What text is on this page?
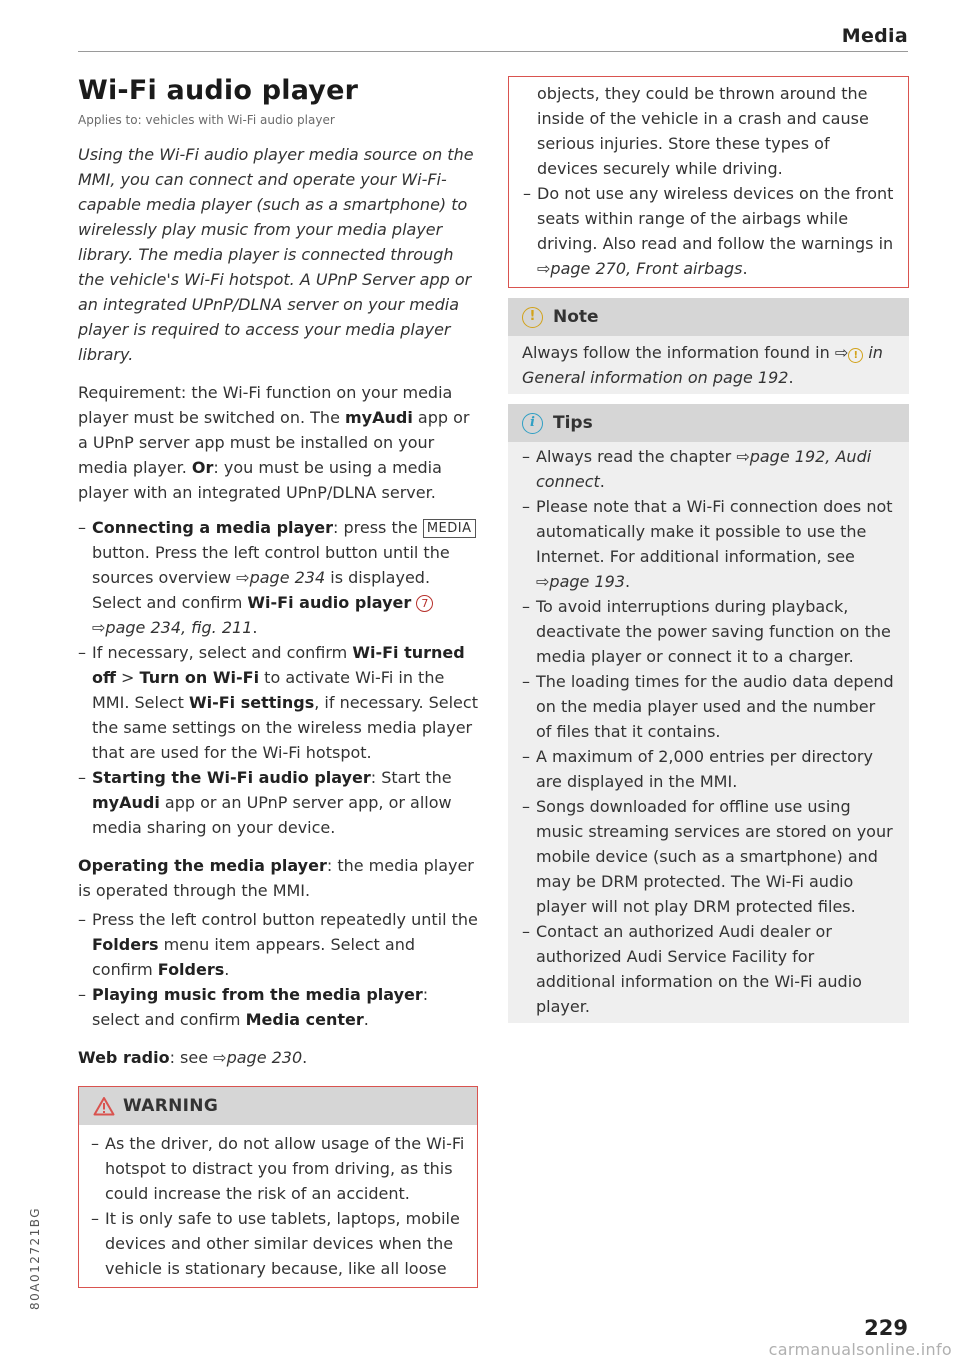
Media
Wi-Fi audio player
Applies to: vehicles with Wi-Fi audio player
Using the Wi-Fi audio player media source on the MMI, you can connect and operate your Wi-Fi-capable media player (such as a smartphone) to wirelessly play music from your media player library. The media player is connected through the vehicle's Wi-Fi hotspot. A UPnP Server app or an integrated UPnP/DLNA server on your media player is required to access your media player library.

Requirement: the Wi-Fi function on your media player must be switched on. The myAudi app or a UPnP server app must be installed on your media player. Or: you must be using a media player with an integrated UPnP/DLNA server.

– Connecting a media player: press the MEDIA button. Press the left control button until the sources overview ⇨page 234 is displayed. Select and confirm Wi-Fi audio player 7 ⇨page 234, fig. 211.
– If necessary, select and confirm Wi-Fi turned off > Turn on Wi-Fi to activate Wi-Fi in the MMI. Select Wi-Fi settings, if necessary. Select the same settings on the wireless media player that are used for the Wi-Fi hotspot.
– Starting the Wi-Fi audio player: Start the myAudi app or an UPnP server app, or allow media sharing on your device.

Operating the media player: the media player is operated through the MMI.

– Press the left control button repeatedly until the Folders menu item appears. Select and confirm Folders.
– Playing music from the media player: select and confirm Media center.

Web radio: see ⇨page 230.

WARNING
– As the driver, do not allow usage of the Wi-Fi hotspot to distract you from driving, as this could increase the risk of an accident.
– It is only safe to use tablets, laptops, mobile devices and other similar devices when the vehicle is stationary because, like all loose

objects, they could be thrown around the inside of the vehicle in a crash and cause serious injuries. Store these types of devices securely while driving.

– Do not use any wireless devices on the front seats within range of the airbags while driving. Also read and follow the warnings in ⇨page 270, Front airbags.
!	Note
Always follow the information found in ⇨ ! in General information on page 192.
i	Tips
– Always read the chapter ⇨page 192, Audi connect.
– Please note that a Wi-Fi connection does not automatically make it possible to use the Internet. For additional information, see ⇨page 193.
– To avoid interruptions during playback, deactivate the power saving function on the media player or connect it to a charger.
– The loading times for the audio data depend on the media player used and the number of files that it contains.
– A maximum of 2,000 entries per directory are displayed in the MMI.
– Songs downloaded for offline use using music streaming services are stored on your mobile device (such as a smartphone) and may be DRM protected. The Wi-Fi audio player will not play DRM protected files.
– Contact an authorized Audi dealer or authorized Audi Service Facility for additional information on the Wi-Fi audio player.
80A012721BG
229
carmanualsonline.info
